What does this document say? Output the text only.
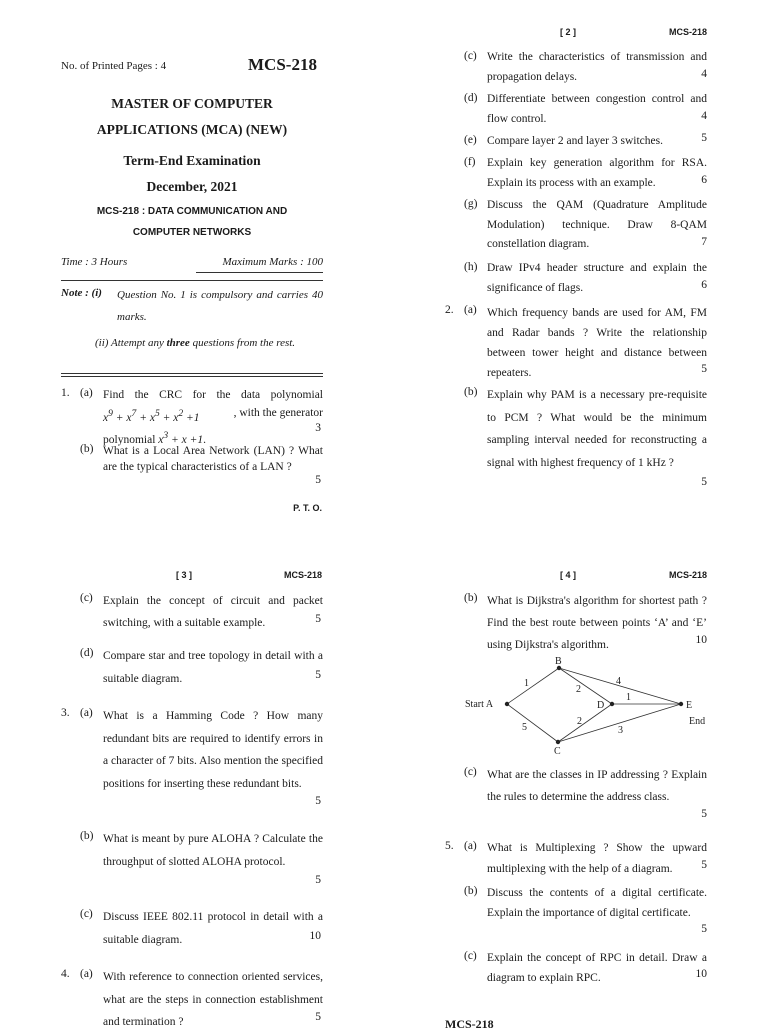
No. of Printed Pages : 4	MCS-218
MASTER OF COMPUTER
APPLICATIONS (MCA) (NEW)
Term-End Examination
December, 2021
MCS-218 : DATA COMMUNICATION AND
COMPUTER NETWORKS
Time : 3 Hours	Maximum Marks : 100
Note : (i) Question No. 1 is compulsory and carries 40 marks.
(ii) Attempt any three questions from the rest.
1. (a) Find the CRC for the data polynomial
$x^9 + x^7 + x^5 + x^2 +1$	, with the generator
polynomial $x^3 + x +1$.
3
(b) What is a Local Area Network (LAN) ? What are the typical characteristics of a LAN ?
5
P. T. O.
[ 2 ]	MCS-218
(c) Write the characteristics of transmission and propagation delays.	4
(d) Differentiate between congestion control and flow control.	4
(e) Compare layer 2 and layer 3 switches.	5
(f) Explain key generation algorithm for RSA. Explain its process with an example.	6
(g) Discuss the QAM (Quadrature Amplitude Modulation) technique. Draw 8-QAM constellation diagram.	7
(h) Draw IPv4 header structure and explain the significance of flags.	6
2. (a) Which frequency bands are used for AM, FM and Radar bands ? Write the relationship between tower height and distance between repeaters.	5
(b) Explain why PAM is a necessary pre-requisite to PCM ? What would be the minimum sampling interval needed for reconstructing a signal with highest frequency of 1 kHz ?
5
[ 3 ]	MCS-218
(c) Explain the concept of circuit and packet switching, with a suitable example.	5
(d) Compare star and tree topology in detail with a suitable diagram.	5
3. (a) What is a Hamming Code ? How many redundant bits are required to identify errors in a character of 7 bits. Also mention the specified positions for inserting these redundant bits.
5
(b) What is meant by pure ALOHA ? Calculate the throughput of slotted ALOHA protocol.
5
(c) Discuss IEEE 802.11 protocol in detail with a suitable diagram.	10
4. (a) With reference to connection oriented services, what are the steps in connection establishment and termination ?	5
[ 4 ]	MCS-218
(b) What is Dijkstra's algorithm for shortest path ? Find the best route between points ‘A’ and ‘E’ using Dijkstra's algorithm.	10
Start A
B
C
D	E
End
1
5
2
4
2
3
1
(c) What are the classes in IP addressing ? Explain the rules to determine the address class.
5
5. (a) What is Multiplexing ? Show the upward multiplexing with the help of a diagram.	5
(b) Discuss the contents of a digital certificate. Explain the importance of digital certificate.
5
(c) Explain the concept of RPC in detail. Draw a diagram to explain RPC.	10
MCS-218
